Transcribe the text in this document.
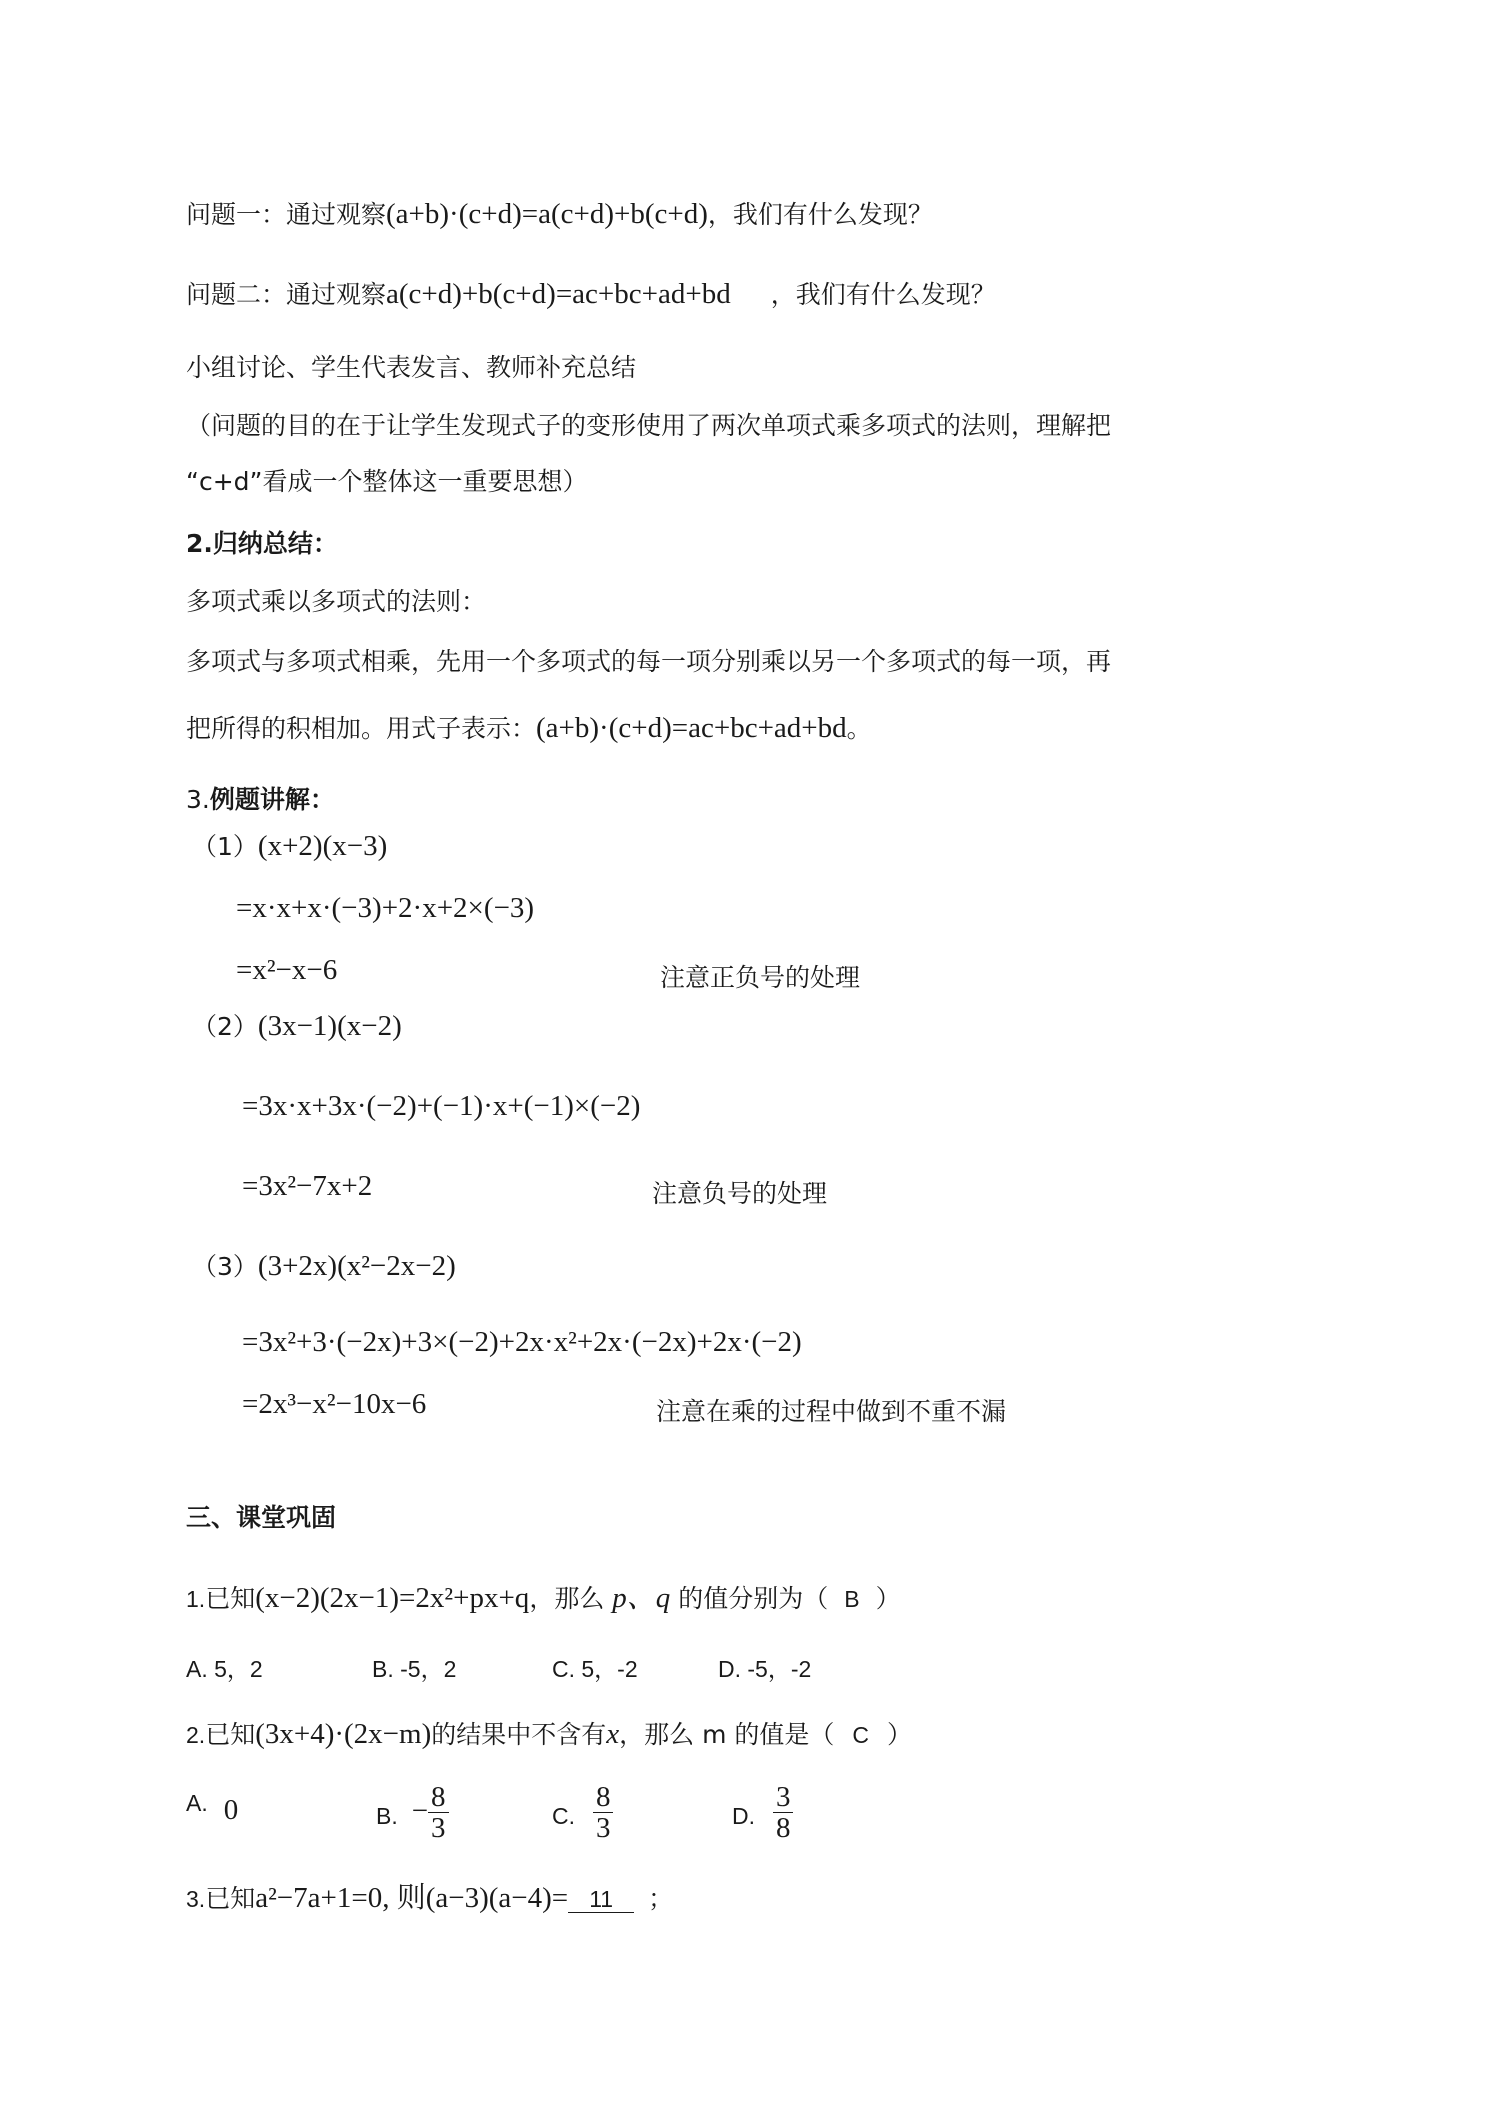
问题一：通过观察(a+b)·(c+d)=a(c+d)+b(c+d)，我们有什么发现？
问题二：通过观察a(c+d)+b(c+d)=ac+bc+ad+bd ，我们有什么发现？
小组讨论、学生代表发言、教师补充总结
（问题的目的在于让学生发现式子的变形使用了两次单项式乘多项式的法则，理解把
“c+d”看成一个整体这一重要思想）
2.归纳总结：
多项式乘以多项式的法则：
多项式与多项式相乘，先用一个多项式的每一项分别乘以另一个多项式的每一项，再
把所得的积相加。用式子表示：(a+b)·(c+d)=ac+bc+ad+bd。
3.例题讲解：
（1）(x+2)(x−3)
=x·x+x·(−3)+2·x+2×(−3)
=x²−x−6	注意正负号的处理
（2）(3x−1)(x−2)
=3x·x+3x·(−2)+(−1)·x+(−1)×(−2)
=3x²−7x+2	注意负号的处理
（3）(3+2x)(x²−2x−2)
=3x²+3·(−2x)+3×(−2)+2x·x²+2x·(−2x)+2x·(−2)
=2x³−x²−10x−6	注意在乘的过程中做到不重不漏
三、课堂巩固
1.已知(x−2)(2x−1)=2x²+px+q，那么 p、q 的值分别为（ B ）
A. 5，2	B. -5，2	C. 5，-2	D. -5，-2
2.已知(3x+4)·(2x−m)的结果中不含有x，那么 m 的值是（ C ）
A. 0	B. − $\frac{8}{3}$	C. $\frac{8}{3}$	D. $\frac{3}{8}$
3.已知a²−7a+1=0, 则(a−3)(a−4)= 11 ；
